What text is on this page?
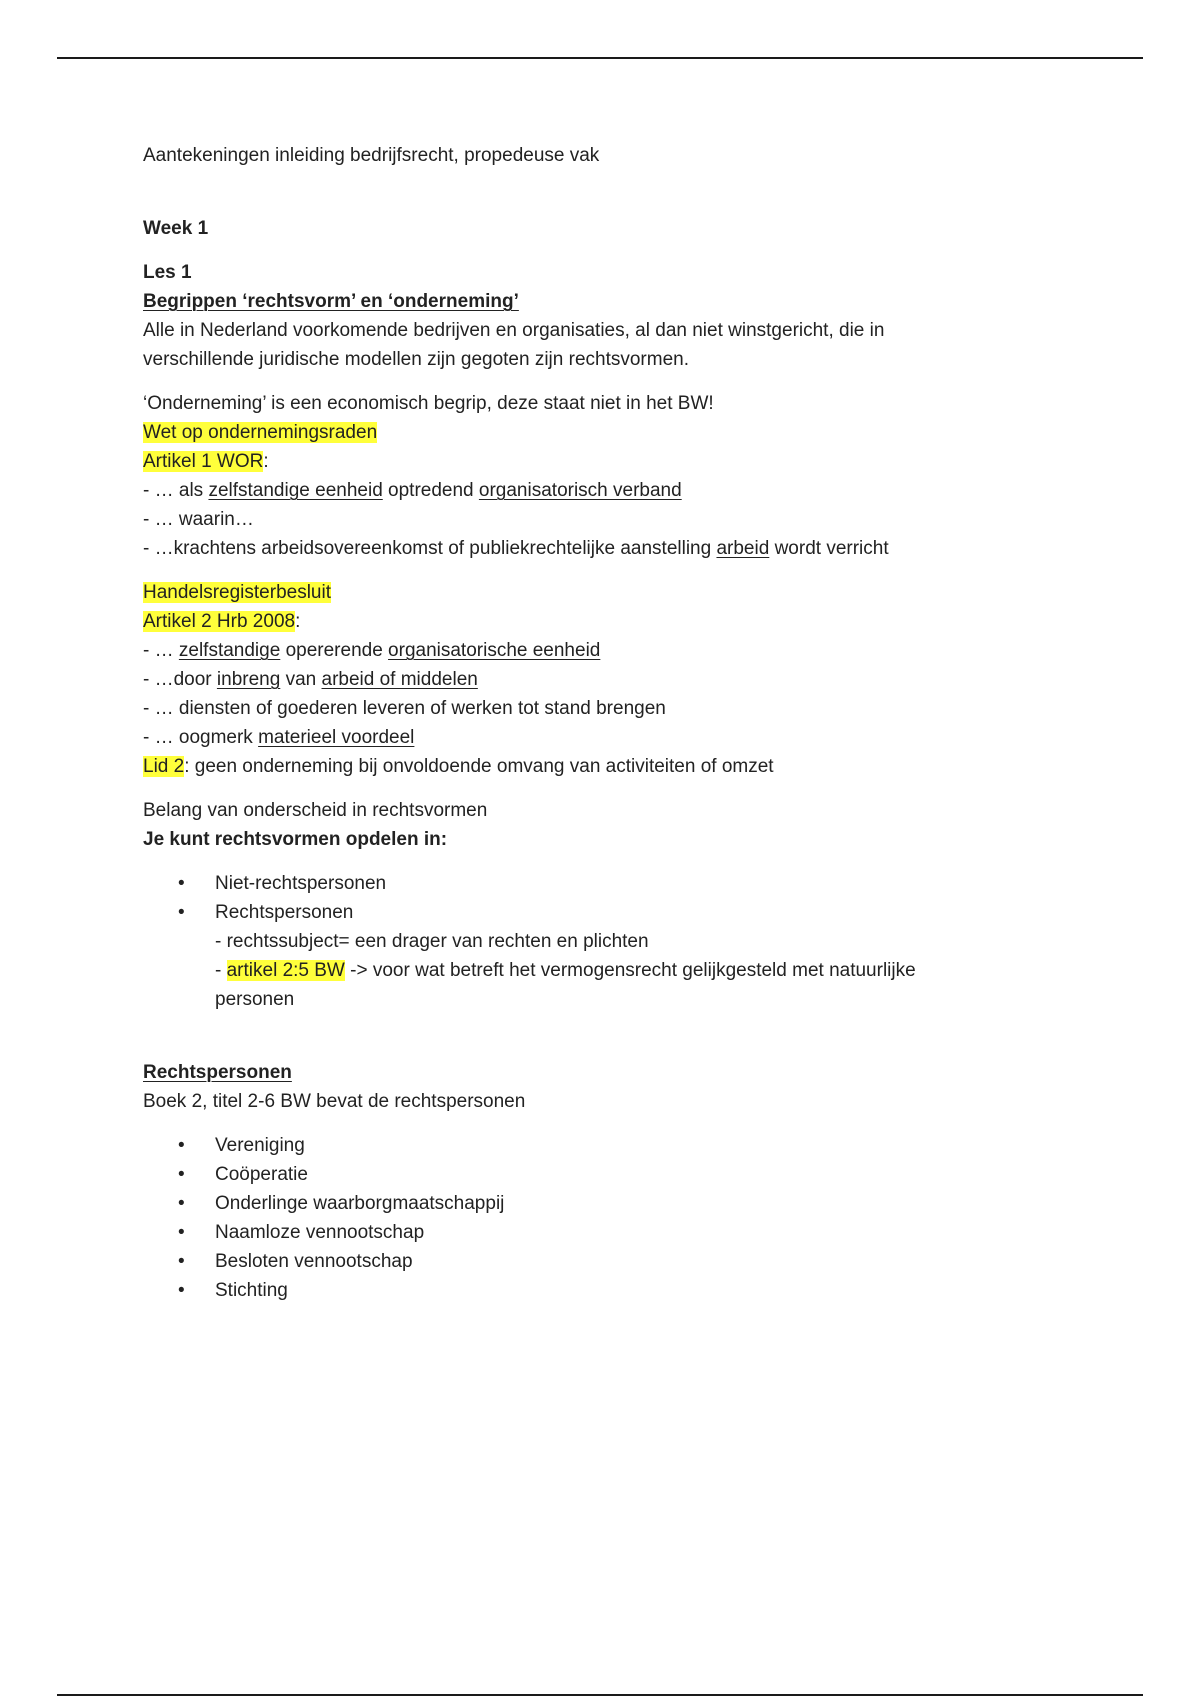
Aantekeningen inleiding bedrijfsrecht, propedeuse vak
Week 1
Les 1
Begrippen ‘rechtsvorm’ en ‘onderneming’
Alle in Nederland voorkomende bedrijven en organisaties, al dan niet winstgericht, die in
verschillende juridische modellen zijn gegoten zijn rechtsvormen.
‘Onderneming’ is een economisch begrip, deze staat niet in het BW!
Wet op ondernemingsraden
Artikel 1 WOR:
- … als zelfstandige eenheid optredend organisatorisch verband
- … waarin…
- …krachtens arbeidsovereenkomst of publiekrechtelijke aanstelling arbeid wordt verricht
Handelsregisterbesluit
Artikel 2 Hrb 2008:
- … zelfstandige opererende organisatorische eenheid
- …door inbreng van arbeid of middelen
- … diensten of goederen leveren of werken tot stand brengen
- … oogmerk materieel voordeel
Lid 2: geen onderneming bij onvoldoende omvang van activiteiten of omzet
Belang van onderscheid in rechtsvormen
Je kunt rechtsvormen opdelen in:
• Niet-rechtspersonen
• Rechtspersonen
- rechtssubject= een drager van rechten en plichten
- artikel 2:5 BW -> voor wat betreft het vermogensrecht gelijkgesteld met natuurlijke
personen
Rechtspersonen
Boek 2, titel 2-6 BW bevat de rechtspersonen
• Vereniging
• Coöperatie
• Onderlinge waarborgmaatschappij
• Naamloze vennootschap
• Besloten vennootschap
• Stichting
